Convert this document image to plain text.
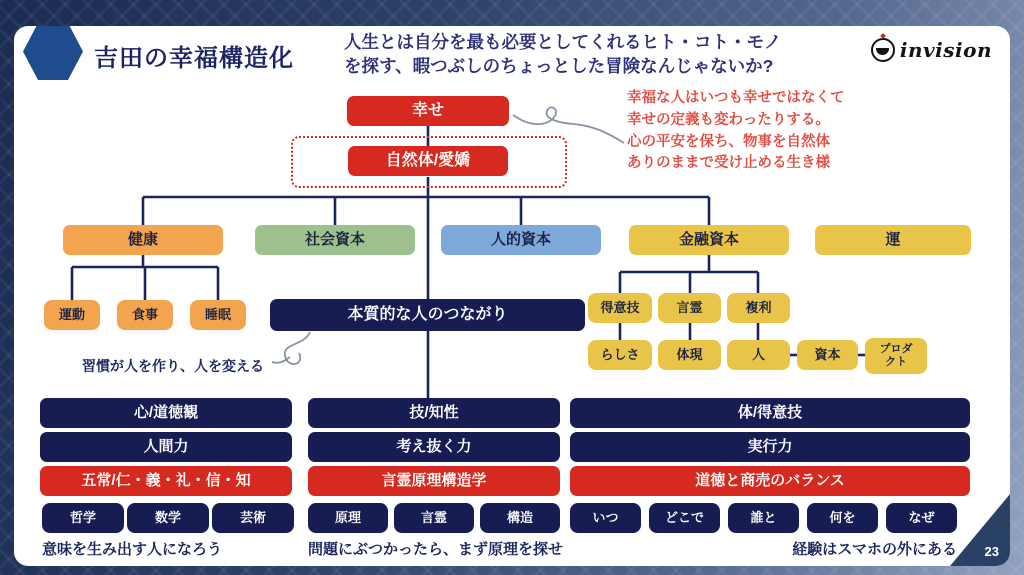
吉田の幸福構造化
人生とは自分を最も必要としてくれるヒト・コト・モノ
を探す、暇つぶしのちょっとした冒険なんじゃないか?
invision
幸せ
自然体/愛嬌
幸福な人はいつも幸せではなくて
幸せの定義も変わったりする。
心の平安を保ち、物事を自然体
ありのままで受け止める生き様
健康	社会資本	人的資本	金融資本	運
運動	食事	睡眠	本質的な人のつながり
習慣が人を作り、人を変える
得意技	言霊	複利
らしさ	体現	人	資本	プロダクト
心/道徳観
人間力
五常/仁・義・礼・信・知
哲学	数学	芸術
意味を生み出す人になろう
技/知性
考え抜く力
言霊原理構造学
原理	言霊	構造
問題にぶつかったら、まず原理を探せ
体/得意技
実行力
道徳と商売のバランス
いつ	どこで	誰と	何を	なぜ
経験はスマホの外にある 23
